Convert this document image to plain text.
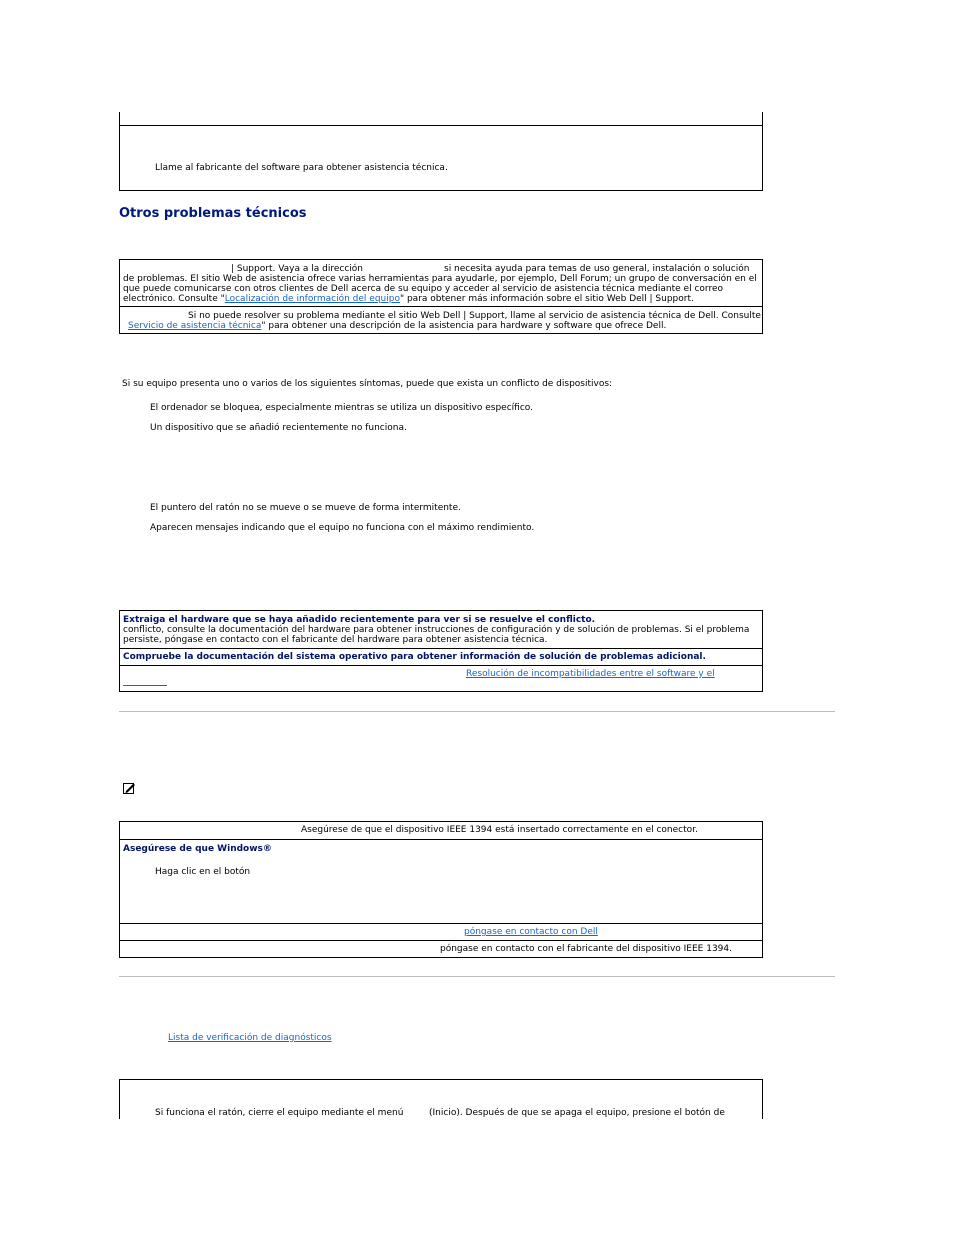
Llame al fabricante del software para obtener asistencia técnica.
Otros problemas técnicos
| Support. Vaya a la dirección	si necesita ayuda para temas de uso general, instalación o solución
de problemas. El sitio Web de asistencia ofrece varias herramientas para ayudarle, por ejemplo, Dell Forum; un grupo de conversación en el
que puede comunicarse con otros clientes de Dell acerca de su equipo y acceder al servicio de asistencia técnica mediante el correo
electrónico. Consulte "Localización de información del equipo" para obtener más información sobre el sitio Web Dell | Support.
Si no puede resolver su problema mediante el sitio Web Dell | Support, llame al servicio de asistencia técnica de Dell. Consulte
Servicio de asistencia técnica" para obtener una descripción de la asistencia para hardware y software que ofrece Dell.
Si su equipo presenta uno o varios de los siguientes síntomas, puede que exista un conflicto de dispositivos:
El ordenador se bloquea, especialmente mientras se utiliza un dispositivo específico.
Un dispositivo que se añadió recientemente no funciona.
El puntero del ratón no se mueve o se mueve de forma intermitente.
Aparecen mensajes indicando que el equipo no funciona con el máximo rendimiento.
Extraiga el hardware que se haya añadido recientemente para ver si se resuelve el conflicto.
conflicto, consulte la documentación del hardware para obtener instrucciones de configuración y de solución de problemas. Si el problema
persiste, póngase en contacto con el fabricante del hardware para obtener asistencia técnica.
Compruebe la documentación del sistema operativo para obtener información de solución de problemas adicional.
Resolución de incompatibilidades entre el software y el
Asegúrese de que el dispositivo IEEE 1394 está insertado correctamente en el conector.
Asegúrese de que Windows®
Haga clic en el botón
póngase en contacto con Dell
póngase en contacto con el fabricante del dispositivo IEEE 1394.
Lista de verificación de diagnósticos
Si funciona el ratón, cierre el equipo mediante el menú	(Inicio). Después de que se apaga el equipo, presione el botón de
